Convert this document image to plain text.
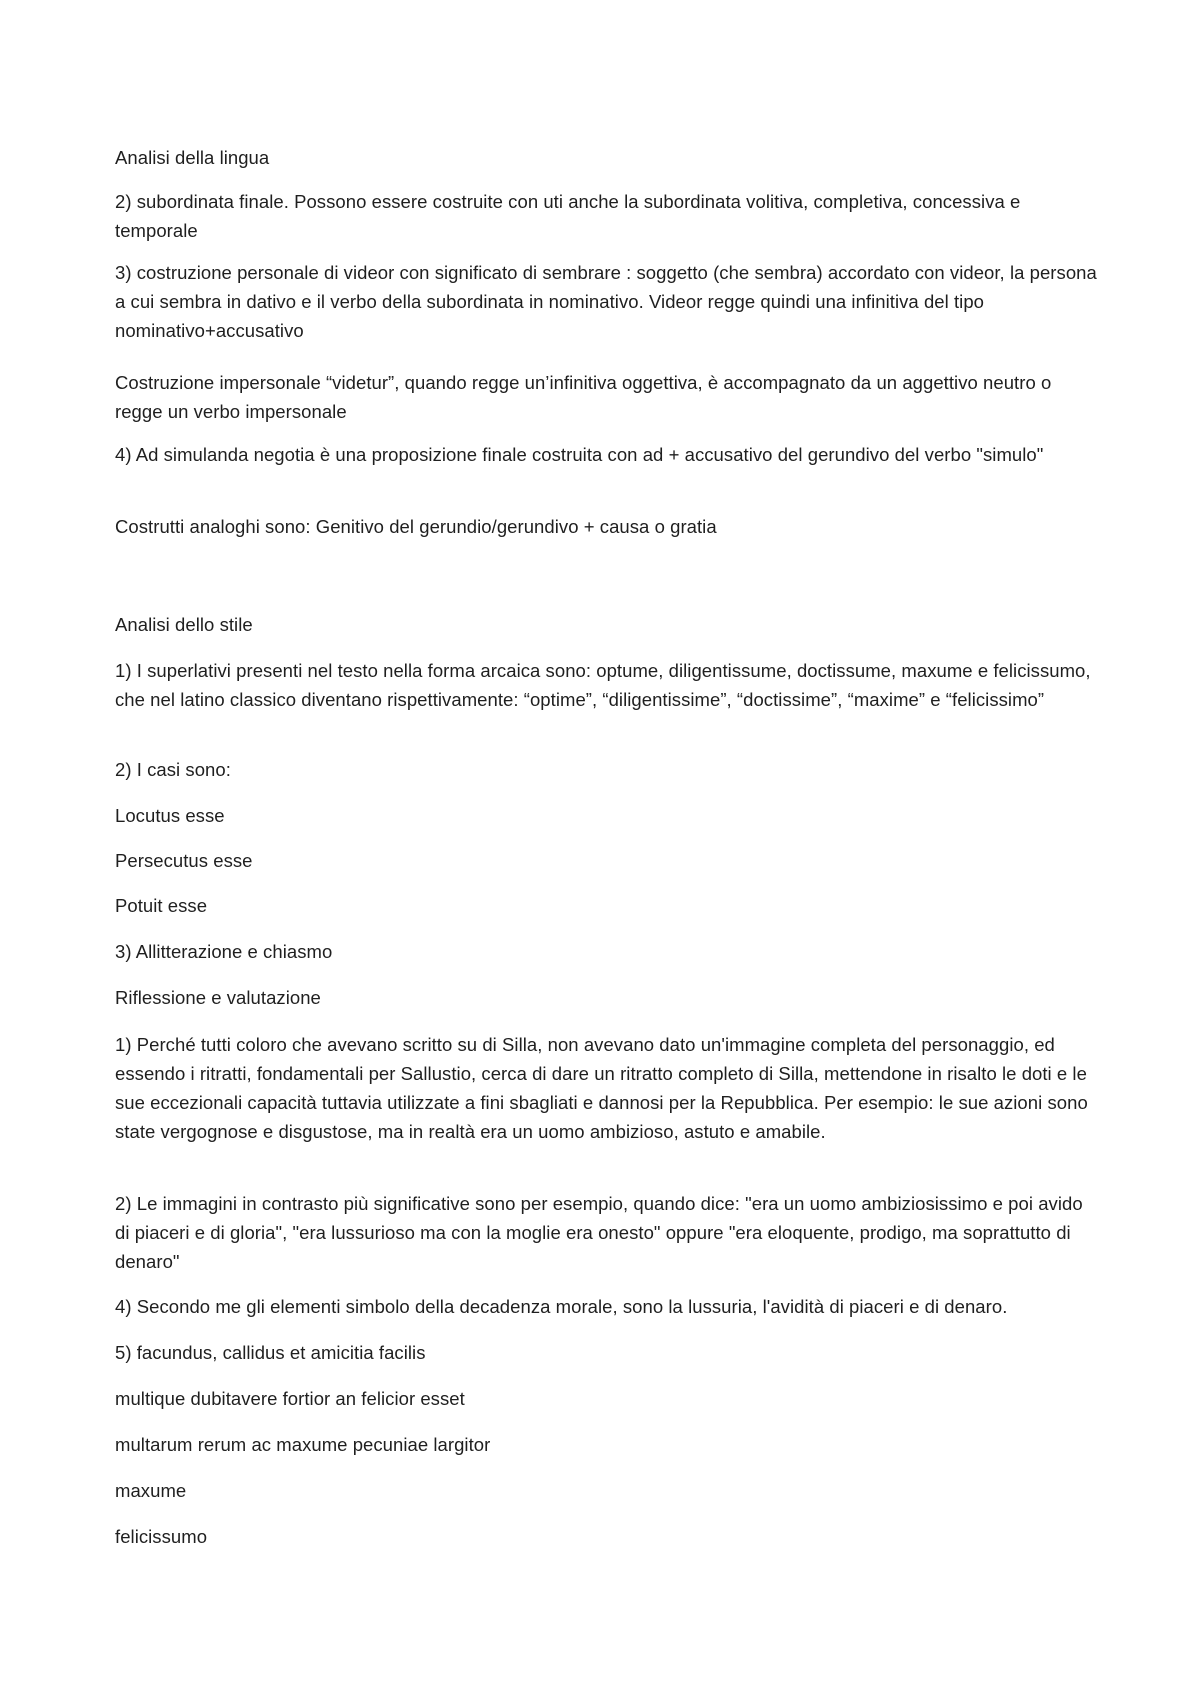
Analisi della lingua

2) subordinata finale. Possono essere costruite con uti anche la subordinata volitiva, completiva, concessiva e temporale

3) costruzione personale di videor con significato di sembrare : soggetto (che sembra) accordato con videor, la persona a cui sembra in dativo e il verbo della subordinata in nominativo. Videor regge quindi una infinitiva del tipo nominativo+accusativo

Costruzione impersonale “videtur”, quando regge un’infinitiva oggettiva, è accompagnato da un aggettivo neutro o regge un verbo impersonale

4) Ad simulanda negotia è una proposizione finale costruita con ad + accusativo del gerundivo del verbo "simulo"

Costrutti analoghi sono: Genitivo del gerundio/gerundivo + causa o gratia

Analisi dello stile

1) I superlativi presenti nel testo nella forma arcaica sono: optume, diligentissume, doctissume, maxume e felicissumo, che nel latino classico diventano rispettivamente: “optime”, “diligentissime”, “doctissime”, “maxime” e “felicissimo”

2) I casi sono:

Locutus esse

Persecutus esse

Potuit esse

3) Allitterazione e chiasmo

Riflessione e valutazione

1) Perché tutti coloro che avevano scritto su di Silla, non avevano dato un'immagine completa del personaggio, ed essendo i ritratti, fondamentali per Sallustio, cerca di dare un ritratto completo di Silla, mettendone in risalto le doti e le sue eccezionali capacità tuttavia utilizzate a fini sbagliati e dannosi per la Repubblica. Per esempio: le sue azioni sono state vergognose e disgustose, ma in realtà era un uomo ambizioso, astuto e amabile.

2) Le immagini in contrasto più significative sono per esempio, quando dice: "era un uomo ambiziosissimo e poi avido di piaceri e di gloria", "era lussurioso ma con la moglie era onesto" oppure "era eloquente, prodigo, ma soprattutto di denaro"

4) Secondo me gli elementi simbolo della decadenza morale, sono la lussuria, l'avidità di piaceri e di denaro.

5) facundus, callidus et amicitia facilis

multique dubitavere fortior an felicior esset

multarum rerum ac maxume pecuniae largitor

maxume

felicissumo
